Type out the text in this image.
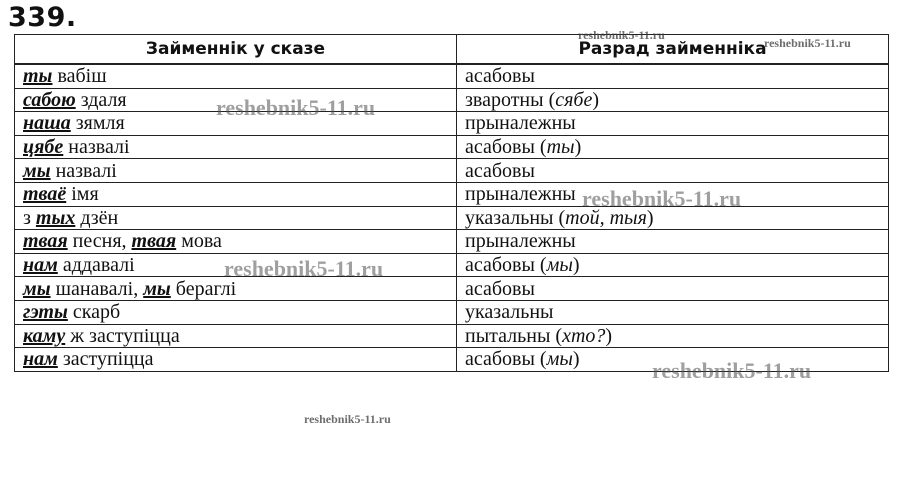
339.
Займеннік у сказе	Разрад займенніка
ты вабіш	асабовы
сабою здаля	зваротны (сябе)
наша зямля	прыналежны
цябе назвалі	асабовы (ты)
мы назвалі	асабовы
тваё імя	прыналежны
з тых дзён	указальны (той, тыя)
твая песня, твая мова	прыналежны
нам аддавалі	асабовы (мы)
мы шанавалі, мы берaглі	асабовы
гэты скарб	указальны
каму ж заступіцца	пытальны (хто?)
нам заступіцца	асабовы (мы)
reshebnik5-11.ru
reshebnik5-11.ru
reshebnik5-11.ru
reshebnik5-11.ru
reshebnik5-11.ru
reshebnik5-11.ru
reshebnik5-11.ru
